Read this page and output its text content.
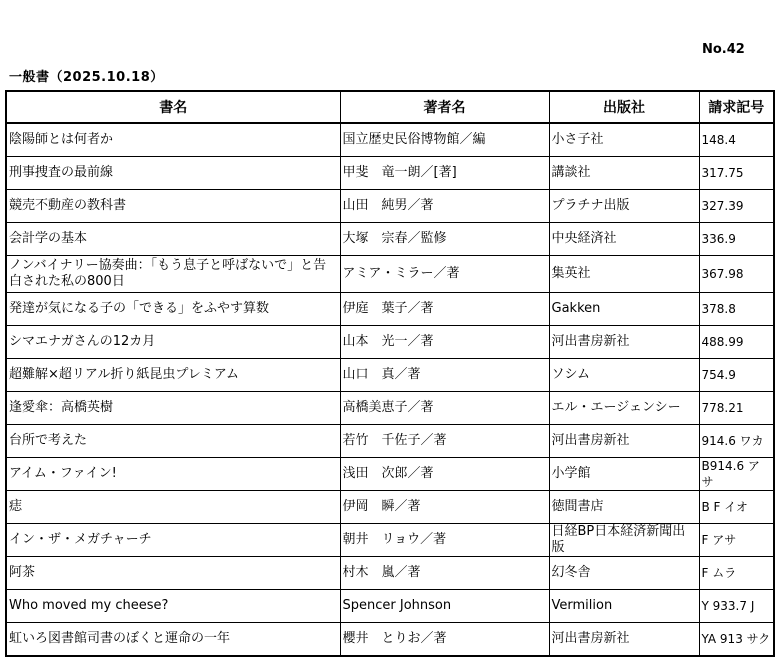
No.42
一般書（2025.10.18）
書名	著者名	出版社	請求記号
陰陽師とは何者か	国立歴史民俗博物館／編	小さ子社	148.4
刑事捜査の最前線	甲斐　竜一朗／[著]	講談社	317.75
競売不動産の教科書	山田　純男／著	プラチナ出版	327.39
会計学の基本	大塚　宗春／監修	中央経済社	336.9
ノンバイナリー協奏曲：「もう息子と呼ばないで」と告白された私の800日	アミア・ミラー／著	集英社	367.98
発達が気になる子の「できる」をふやす算数	伊庭　葉子／著	Gakken	378.8
シマエナガさんの12カ月	山本　光一／著	河出書房新社	488.99
超難解×超リアル折り紙昆虫プレミアム	山口　真／著	ソシム	754.9
逢愛傘：高橋英樹	高橋美恵子／著	エル・エージェンシー	778.21
台所で考えた	若竹　千佐子／著	河出書房新社	914.6 ワカ
アイム・ファイン!	浅田　次郎／著	小学館	B914.6 アサ
痣	伊岡　瞬／著	徳間書店	B F イオ
イン・ザ・メガチャーチ	朝井　リョウ／著	日経BP日本経済新聞出版	F アサ
阿茶	村木　嵐／著	幻冬舎	F ムラ
Who moved my cheese?	Spencer Johnson	Vermilion	Y 933.7 J
虹いろ図書館司書のぼくと運命の一年	櫻井　とりお／著	河出書房新社	YA 913 サク
